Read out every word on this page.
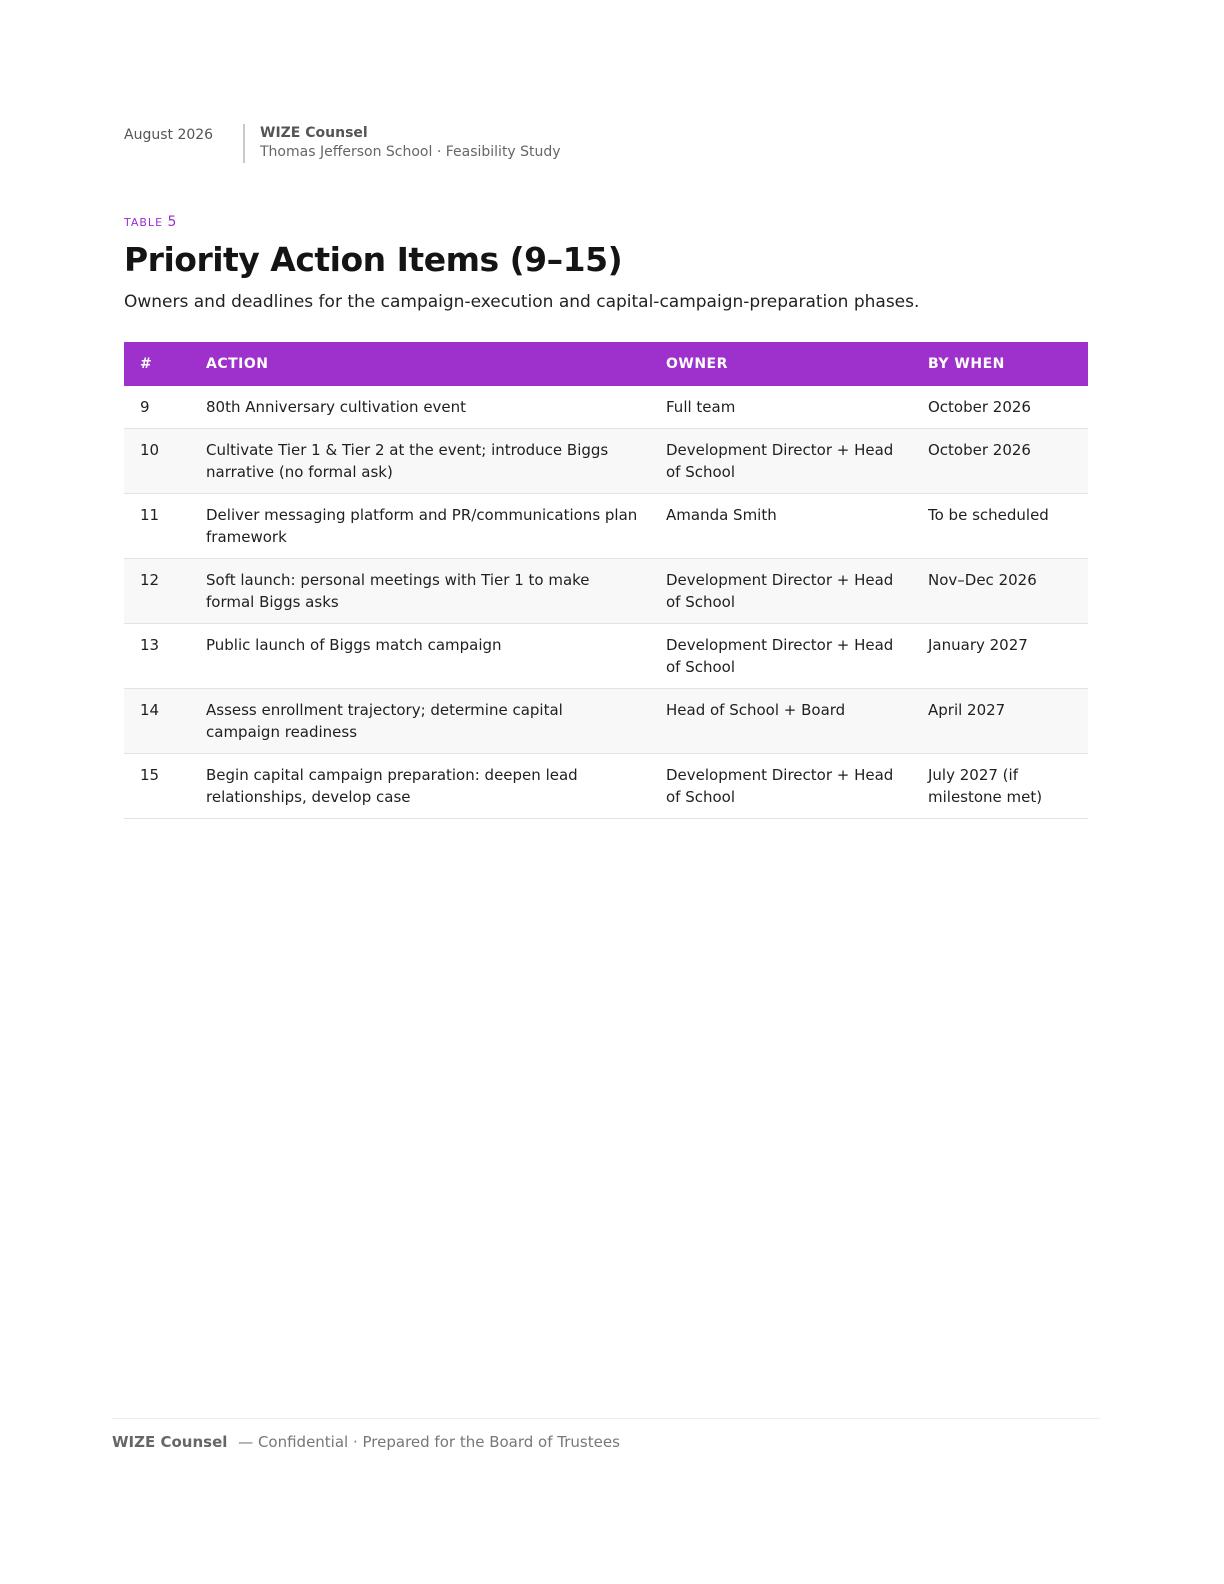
August 2026	WIZE Counsel
Thomas Jefferson School · Feasibility Study
TABLE 5
Priority Action Items (9–15)
Owners and deadlines for the campaign-execution and capital-campaign-preparation phases.
#	ACTION	OWNER	BY WHEN
9	80th Anniversary cultivation event	Full team	October 2026
10	Cultivate Tier 1 & Tier 2 at the event; introduce Biggs narrative (no formal ask)	Development Director + Head of School	October 2026
11	Deliver messaging platform and PR/communications plan framework	Amanda Smith	To be scheduled
12	Soft launch: personal meetings with Tier 1 to make formal Biggs asks	Development Director + Head of School	Nov–Dec 2026
13	Public launch of Biggs match campaign	Development Director + Head of School	January 2027
14	Assess enrollment trajectory; determine capital campaign readiness	Head of School + Board	April 2027
15	Begin capital campaign preparation: deepen lead relationships, develop case	Development Director + Head of School	July 2027 (if milestone met)
WIZE Counsel — Confidential · Prepared for the Board of Trustees
